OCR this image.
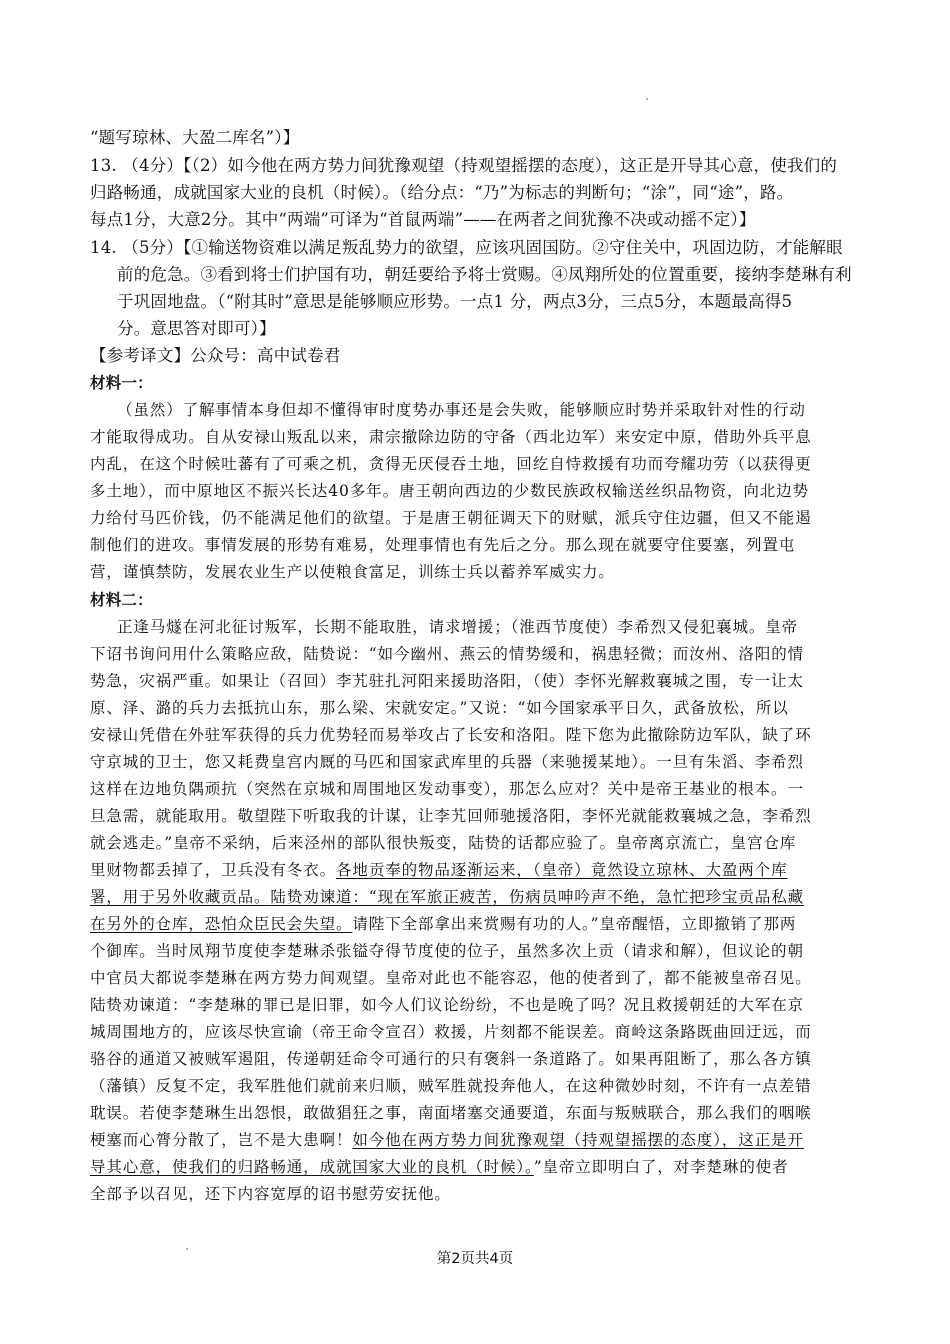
“题写琼林、大盈二库名”）】
13. （4分）【（2）如今他在两方势力间犹豫观望（持观望摇摆的态度），这正是开导其心意，使我们的
归路畅通，成就国家大业的良机（时候）。（给分点：“乃”为标志的判断句；“涂”，同“途”，路。
每点1分，大意2分。其中“两端”可译为“首鼠两端”——在两者之间犹豫不决或动摇不定）】
14. （5分）【①输送物资难以满足叛乱势力的欲望，应该巩固国防。②守住关中，巩固边防，才能解眼
前的危急。③看到将士们护国有功，朝廷要给予将士赏赐。④凤翔所处的位置重要，接纳李楚琳有利
于巩固地盘。（“附其时”意思是能够顺应形势。一点1 分，两点3分，三点5分，本题最高得5
分。意思答对即可）】
【参考译文】公众号：高中试卷君
材料一：
（虽然）了解事情本身但却不懂得审时度势办事还是会失败，能够顺应时势并采取针对性的行动
才能取得成功。自从安禄山叛乱以来，肃宗撤除边防的守备（西北边军）来安定中原，借助外兵平息
内乱，在这个时候吐蕃有了可乘之机，贪得无厌侵吞土地，回纥自恃救援有功而夸耀功劳（以获得更
多土地），而中原地区不振兴长达40多年。唐王朝向西边的少数民族政权输送丝织品物资，向北边势
力给付马匹价钱，仍不能满足他们的欲望。于是唐王朝征调天下的财赋，派兵守住边疆，但又不能遏
制他们的进攻。事情发展的形势有难易，处理事情也有先后之分。那么现在就要守住要塞，列置屯
营，谨慎禁防，发展农业生产以使粮食富足，训练士兵以蓄养军威实力。
材料二：
正逢马燧在河北征讨叛军，长期不能取胜，请求增援；（淮西节度使）李希烈又侵犯襄城。皇帝
下诏书询问用什么策略应敌，陆贽说：“如今幽州、燕云的情势缓和，祸患轻微；而汝州、洛阳的情
势急，灾祸严重。如果让（召回）李艽驻扎河阳来援助洛阳，（使）李怀光解救襄城之围，专一让太
原、泽、潞的兵力去抵抗山东，那么梁、宋就安定。”又说：“如今国家承平日久，武备放松，所以
安禄山凭借在外驻军获得的兵力优势轻而易举攻占了长安和洛阳。陛下您为此撤除防边军队，缺了环
守京城的卫士，您又耗费皇宫内厩的马匹和国家武库里的兵器（来驰援某地）。一旦有朱滔、李希烈
这样在边地负隅顽抗（突然在京城和周围地区发动事变），那怎么应对？关中是帝王基业的根本。一
旦急需，就能取用。敬望陛下听取我的计谋，让李艽回师驰援洛阳，李怀光就能救襄城之急，李希烈
就会逃走。”皇帝不采纳，后来泾州的部队很快叛变，陆贽的话都应验了。皇帝离京流亡，皇宫仓库
里财物都丢掉了，卫兵没有冬衣。各地贡奉的物品逐渐运来，（皇帝）竟然设立琼林、大盈两个库
署，用于另外收藏贡品。陆贽劝谏道：“现在军旅正疲苦，伤病员呻吟声不绝，急忙把珍宝贡品私藏
在另外的仓库，恐怕众臣民会失望。请陛下全部拿出来赏赐有功的人。”皇帝醒悟，立即撤销了那两
个御库。当时凤翔节度使李楚琳杀张镒夺得节度使的位子，虽然多次上贡（请求和解），但议论的朝
中官员大都说李楚琳在两方势力间观望。皇帝对此也不能容忍，他的使者到了，都不能被皇帝召见。
陆贽劝谏道：“李楚琳的罪已是旧罪，如今人们议论纷纷，不也是晚了吗？况且救援朝廷的大军在京
城周围地方的，应该尽快宣谕（帝王命令宣召）救援，片刻都不能误差。商岭这条路既曲回迂远，而
骆谷的通道又被贼军遏阻，传递朝廷命令可通行的只有褒斜一条道路了。如果再阻断了，那么各方镇
（藩镇）反复不定，我军胜他们就前来归顺，贼军胜就投奔他人，在这种微妙时刻，不许有一点差错
耽误。若使李楚琳生出怨恨，敢做猖狂之事，南面堵塞交通要道，东面与叛贼联合，那么我们的咽喉
梗塞而心膂分散了，岂不是大患啊！如今他在两方势力间犹豫观望（持观望摇摆的态度），这正是开
导其心意，使我们的归路畅通，成就国家大业的良机（时候）。”皇帝立即明白了，对李楚琳的使者
全部予以召见，还下内容宽厚的诏书慰劳安抚他。
第2页共4页
